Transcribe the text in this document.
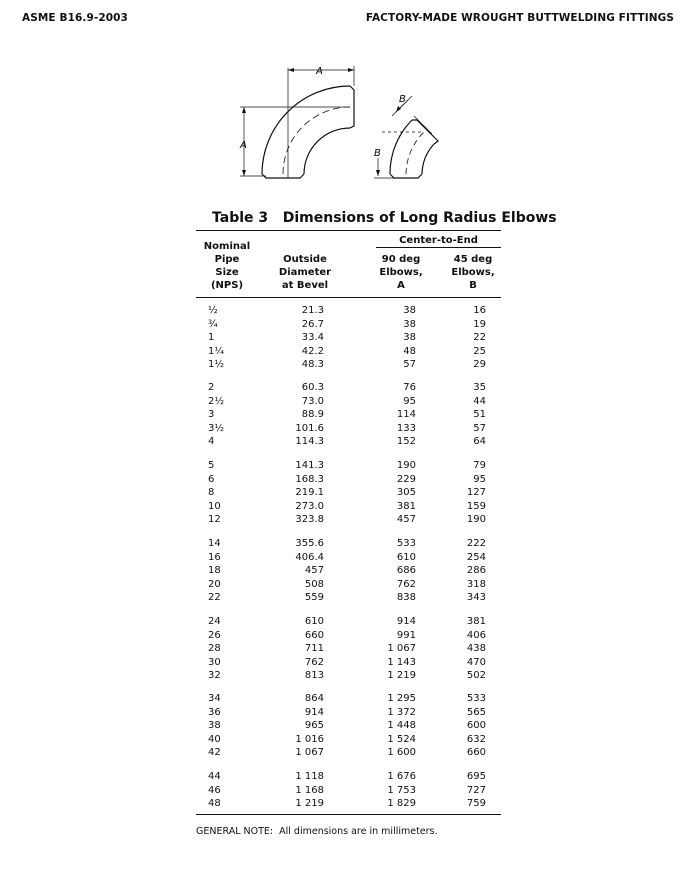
ASME B16.9-2003	FACTORY-MADE WROUGHT BUTTWELDING FITTINGS
A
A
B
B
Table 3   Dimensions of Long Radius Elbows
Nominal
Pipe
Size
(NPS)
Outside
Diameter
at Bevel
Center-to-End
90 deg
Elbows,
A
45 deg
Elbows,
B
½	21.3	38	16
¾	26.7	38	19
1	33.4	38	22
1¼	42.2	48	25
1½	48.3	57	29
2	60.3	76	35
2½	73.0	95	44
3	88.9	114	51
3½	101.6	133	57
4	114.3	152	64
5	141.3	190	79
6	168.3	229	95
8	219.1	305	127
10	273.0	381	159
12	323.8	457	190
14	355.6	533	222
16	406.4	610	254
18	457	686	286
20	508	762	318
22	559	838	343
24	610	914	381
26	660	991	406
28	711	1 067	438
30	762	1 143	470
32	813	1 219	502
34	864	1 295	533
36	914	1 372	565
38	965	1 448	600
40	1 016	1 524	632
42	1 067	1 600	660
44	1 118	1 676	695
46	1 168	1 753	727
48	1 219	1 829	759
GENERAL NOTE:  All dimensions are in millimeters.
